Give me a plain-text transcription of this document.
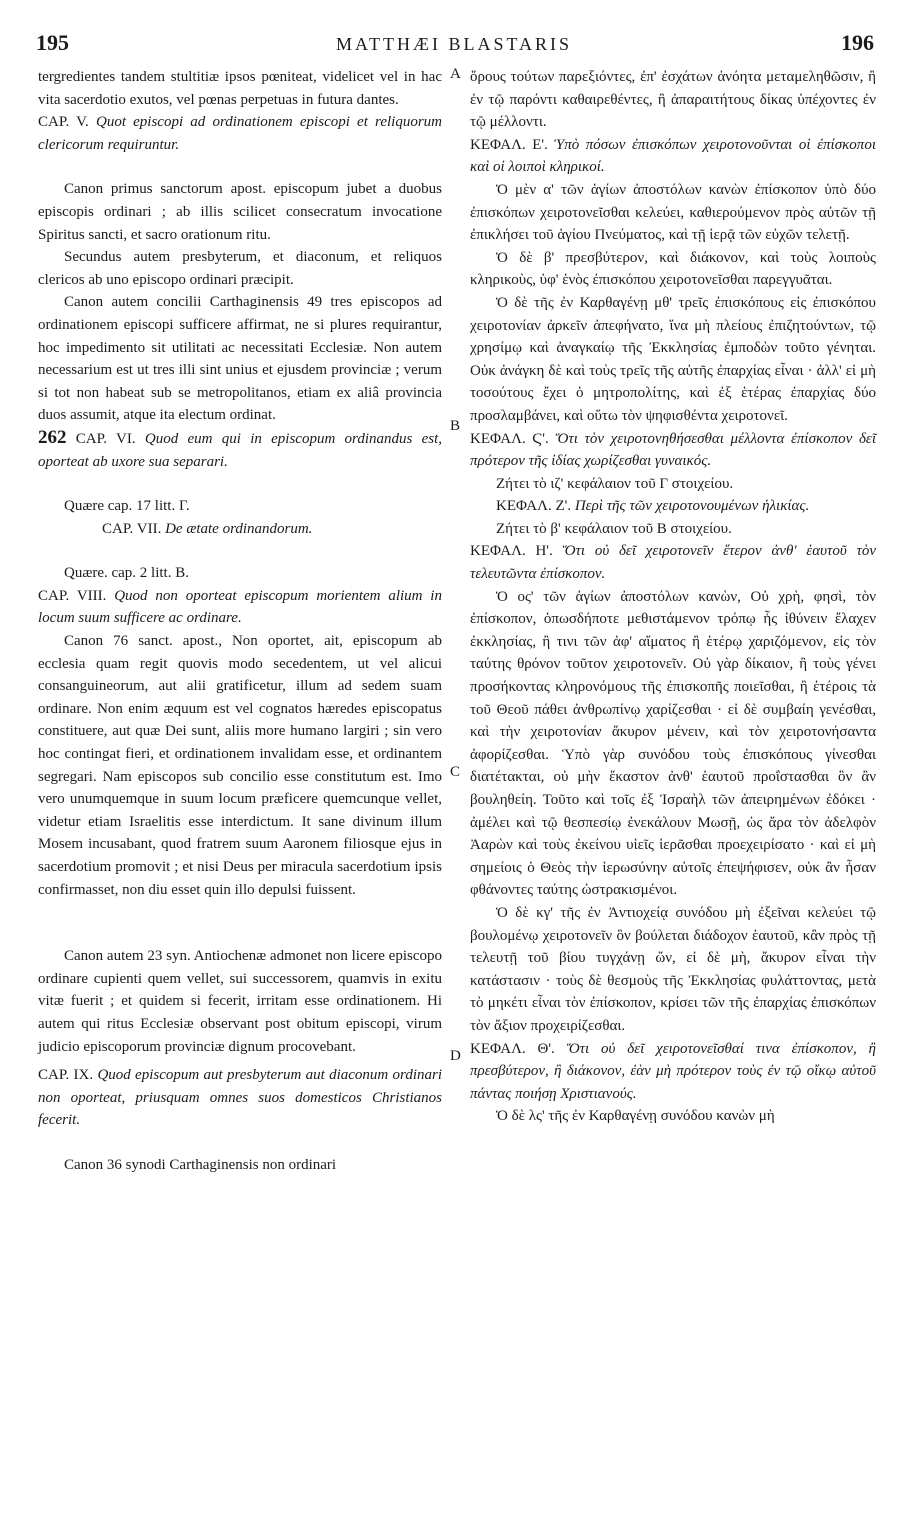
195	MATTHÆI BLASTARIS	196
A
B
C
D

tergredientes tandem stultitiæ ipsos pœniteat, videlicet vel in hac vita sacerdotio exutos, vel pœnas perpetuas in futura dantes.

CAP. V. Quot episcopi ad ordinationem episcopi et reliquorum clericorum requiruntur.

Canon primus sanctorum apost. episcopum jubet a duobus episcopis ordinari ; ab illis scilicet consecratum invocatione Spiritus sancti, et sacro orationum ritu.

Secundus autem presbyterum, et diaconum, et reliquos clericos ab uno episcopo ordinari præcipit.

Canon autem concilii Carthaginensis 49 tres episcopos ad ordinationem episcopi sufficere affirmat, ne si plures requirantur, hoc impedimento sit utilitati ac necessitati Ecclesiæ. Non autem necessarium est ut tres illi sint unius et ejusdem provinciæ ; verum si tot non habeat sub se metropolitanos, etiam ex aliâ provincia duos assumit, atque ita electum ordinat.

262 CAP. VI. Quod eum qui in episcopum ordinandus est, oporteat ab uxore sua separari.

Quære cap. 17 litt. Γ.

CAP. VII. De ætate ordinandorum.

Quære. cap. 2 litt. B.

CAP. VIII. Quod non oporteat episcopum morientem alium in locum suum sufficere ac ordinare.

Canon 76 sanct. apost., Non oportet, ait, episcopum ab ecclesia quam regit quovis modo secedentem, ut vel alicui consanguineorum, aut alii gratificetur, illum ad sedem suam ordinare. Non enim æquum est vel cognatos hæredes episcopatus constituere, aut quæ Dei sunt, aliis more humano largiri ; sin vero hoc contingat fieri, et ordinationem invalidam esse, et ordinantem segregari. Nam episcopos sub concilio esse constitutum est. Imo vero unumquemque in suum locum præficere quemcunque vellet, videtur etiam Israelitis esse interdictum. It sane divinum illum Mosem incusabant, quod fratrem suum Aaronem filiosque ejus in sacerdotium promovit ; et nisi Deus per miracula sacerdotium ipsis confirmasset, non diu esset quin illo depulsi fuissent.

Canon autem 23 syn. Antiochenæ admonet non licere episcopo ordinare cupienti quem vellet, sui successorem, quamvis in exitu vitæ fuerit ; et quidem si fecerit, irritam esse ordinationem. Hi autem qui ritus Ecclesiæ observant post obitum episcopi, virum judicio episcoporum provinciæ dignum procovebant.

CAP. IX. Quod episcopum aut presbyterum aut diaconum ordinari non oporteat, priusquam omnes suos domesticos Christianos fecerit.

Canon 36 synodi Carthaginensis non ordinari

ὅρους τούτων παρεξιόντες, ἐπ' ἐσχάτων ἀνόητα μεταμεληθῶσιν, ἢ ἐν τῷ παρόντι καθαιρεθέντες, ἢ ἀπαραιτήτους δίκας ὑπέχοντες ἐν τῷ μέλλοντι.

ΚΕΦΑΛ. Ε'. Ὑπὸ πόσων ἐπισκόπων χειροτονοῦνται οἱ ἐπίσκοποι καὶ οἱ λοιποὶ κληρικοί.

Ὁ μὲν α' τῶν ἁγίων ἀποστόλων κανὼν ἐπίσκοπον ὑπὸ δύο ἐπισκόπων χειροτονεῖσθαι κελεύει, καθιερούμενον πρὸς αὐτῶν τῇ ἐπικλήσει τοῦ ἁγίου Πνεύματος, καὶ τῇ ἱερᾷ τῶν εὐχῶν τελετῇ.

Ὁ δὲ β' πρεσβύτερον, καὶ διάκονον, καὶ τοὺς λοιποὺς κληρικοὺς, ὑφ' ἑνὸς ἐπισκόπου χειροτονεῖσθαι παρεγγυᾶται.

Ὁ δὲ τῆς ἐν Καρθαγένῃ μθ' τρεῖς ἐπισκόπους εἰς ἐπισκόπου χειροτονίαν ἀρκεῖν ἀπεφήνατο, ἵνα μὴ πλείους ἐπιζητούντων, τῷ χρησίμῳ καὶ ἀναγκαίῳ τῆς Ἐκκλησίας ἐμποδὼν τοῦτο γένηται. Οὐκ ἀνάγκη δὲ καὶ τοὺς τρεῖς τῆς αὐτῆς ἐπαρχίας εἶναι · ἀλλ' εἰ μὴ τοσούτους ἔχει ὁ μητροπολίτης, καὶ ἐξ ἑτέρας ἐπαρχίας δύο προσλαμβάνει, καὶ οὕτω τὸν ψηφισθέντα χειροτονεῖ.

ΚΕΦΑΛ. Ϛ'. Ὅτι τὸν χειροτονηθήσεσθαι μέλλοντα ἐπίσκοπον δεῖ πρότερον τῆς ἰδίας χωρίζεσθαι γυναικός.

Ζήτει τὸ ιζ' κεφάλαιον τοῦ Γ στοιχείου.

ΚΕΦΑΛ. Ζ'. Περὶ τῆς τῶν χειροτονουμένων ἡλικίας.

Ζήτει τὸ β' κεφάλαιον τοῦ Β στοιχείου.

ΚΕΦΑΛ. Η'. Ὅτι οὐ δεῖ χειροτονεῖν ἕτερον ἀνθ' ἑαυτοῦ τὸν τελευτῶντα ἐπίσκοπον.

Ὁ ος' τῶν ἁγίων ἀποστόλων κανὼν, Οὐ χρὴ, φησὶ, τὸν ἐπίσκοπον, ὁπωσδήποτε μεθιστάμενον τρόπῳ ἧς ἰθύνειν ἔλαχεν ἐκκλησίας, ἢ τινι τῶν ἀφ' αἵματος ἢ ἑτέρῳ χαριζόμενον, εἰς τὸν ταύτης θρόνον τοῦτον χειροτονεῖν. Οὐ γὰρ δίκαιον, ἢ τοὺς γένει προσήκοντας κληρονόμους τῆς ἐπισκοπῆς ποιεῖσθαι, ἢ ἑτέροις τὰ τοῦ Θεοῦ πάθει ἀνθρωπίνῳ χαρίζεσθαι · εἰ δὲ συμβαίη γενέσθαι, καὶ τὴν χειροτονίαν ἄκυρον μένειν, καὶ τὸν χειροτονήσαντα ἀφορίζεσθαι. Ὑπὸ γὰρ συνόδου τοὺς ἐπισκόπους γίνεσθαι διατέτακται, οὐ μὴν ἕκαστον ἀνθ' ἑαυτοῦ προΐστασθαι ὃν ἂν βουληθείη. Τοῦτο καὶ τοῖς ἐξ Ἰσραὴλ τῶν ἀπειρημένων ἐδόκει · ἀμέλει καὶ τῷ θεσπεσίῳ ἐνεκάλουν Μωσῇ, ὡς ἄρα τὸν ἀδελφὸν Ἀαρὼν καὶ τοὺς ἐκείνου υἱεῖς ἱερᾶσθαι προεχειρίσατο · καὶ εἰ μὴ σημείοις ὁ Θεὸς τὴν ἱερωσύνην αὐτοῖς ἐπεψήφισεν, οὐκ ἂν ἦσαν φθάνοντες ταύτης ὠστρακισμένοι.

Ὁ δὲ κγ' τῆς ἐν Ἀντιοχείᾳ συνόδου μὴ ἐξεῖναι κελεύει τῷ βουλομένῳ χειροτονεῖν ὃν βούλεται διάδοχον ἑαυτοῦ, κἂν πρὸς τῇ τελευτῇ τοῦ βίου τυγχάνῃ ὤν, εἰ δὲ μὴ, ἄκυρον εἶναι τὴν κατάστασιν · τοὺς δὲ θεσμοὺς τῆς Ἐκκλησίας φυλάττοντας, μετὰ τὸ μηκέτι εἶναι τὸν ἐπίσκοπον, κρίσει τῶν τῆς ἐπαρχίας ἐπισκόπων τὸν ἄξιον προχειρίζεσθαι.

ΚΕΦΑΛ. Θ'. Ὅτι οὐ δεῖ χειροτονεῖσθαί τινα ἐπίσκοπον, ἢ πρεσβύτερον, ἢ διάκονον, ἐὰν μὴ πρότερον τοὺς ἐν τῷ οἴκῳ αὐτοῦ πάντας ποιήσῃ Χριστιανούς.

Ὁ δὲ λς' τῆς ἐν Καρθαγένῃ συνόδου κανὼν μὴ
